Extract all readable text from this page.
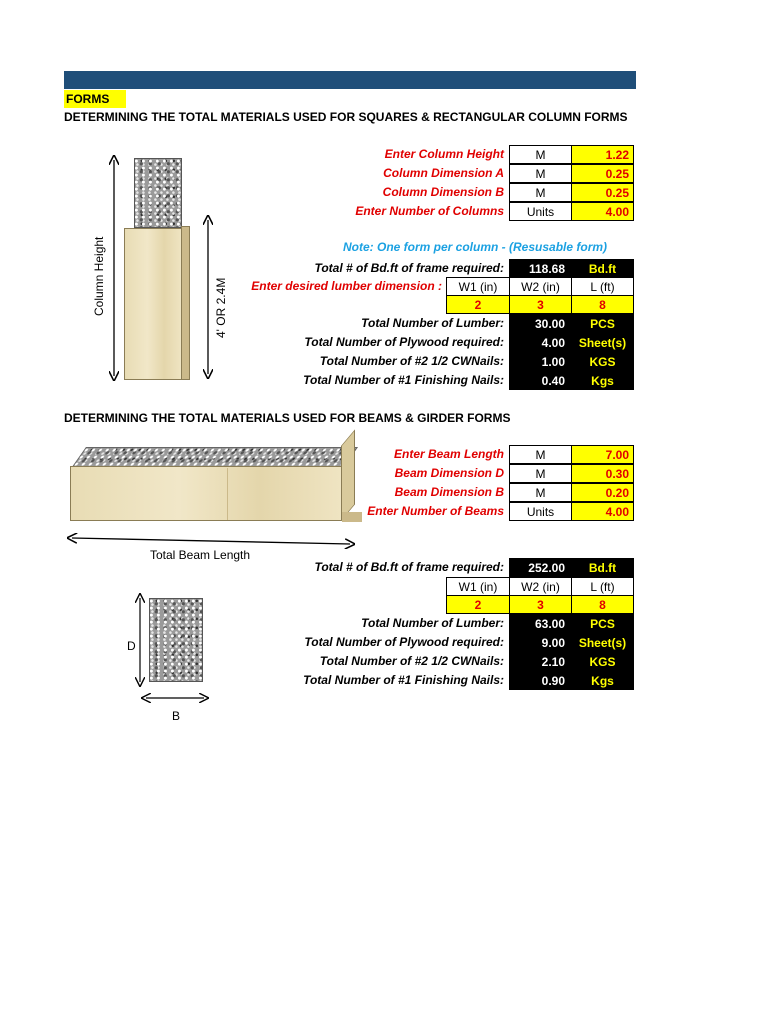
FORMS
DETERMINING THE TOTAL MATERIALS USED FOR SQUARES & RECTANGULAR COLUMN FORMS
Column Height	4' OR 2.4M
Enter Column Height	M	1.22
Column Dimension A	M	0.25
Column Dimension B	M	0.25
Enter Number of Columns	Units	4.00
Note: One form per column - (Resusable form)
Total # of Bd.ft of frame required:	118.68	Bd.ft
Enter desired lumber dimension :	W1 (in)	W2 (in)	L (ft)
2	3	8
Total Number of Lumber:	30.00	PCS
Total Number of Plywood required:	4.00	Sheet(s)
Total Number of #2 1/2 CWNails:	1.00	KGS
Total Number of #1 Finishing Nails:	0.40	Kgs
DETERMINING THE TOTAL MATERIALS USED FOR BEAMS & GIRDER FORMS
Total Beam Length
D
B
Enter Beam Length	M	7.00
Beam Dimension D	M	0.30
Beam Dimension B	M	0.20
Enter Number of Beams	Units	4.00
Total # of Bd.ft of frame required:	252.00	Bd.ft
W1 (in)	W2 (in)	L (ft)
2	3	8
Total Number of Lumber:	63.00	PCS
Total Number of Plywood required:	9.00	Sheet(s)
Total Number of #2 1/2 CWNails:	2.10	KGS
Total Number of #1 Finishing Nails:	0.90	Kgs
